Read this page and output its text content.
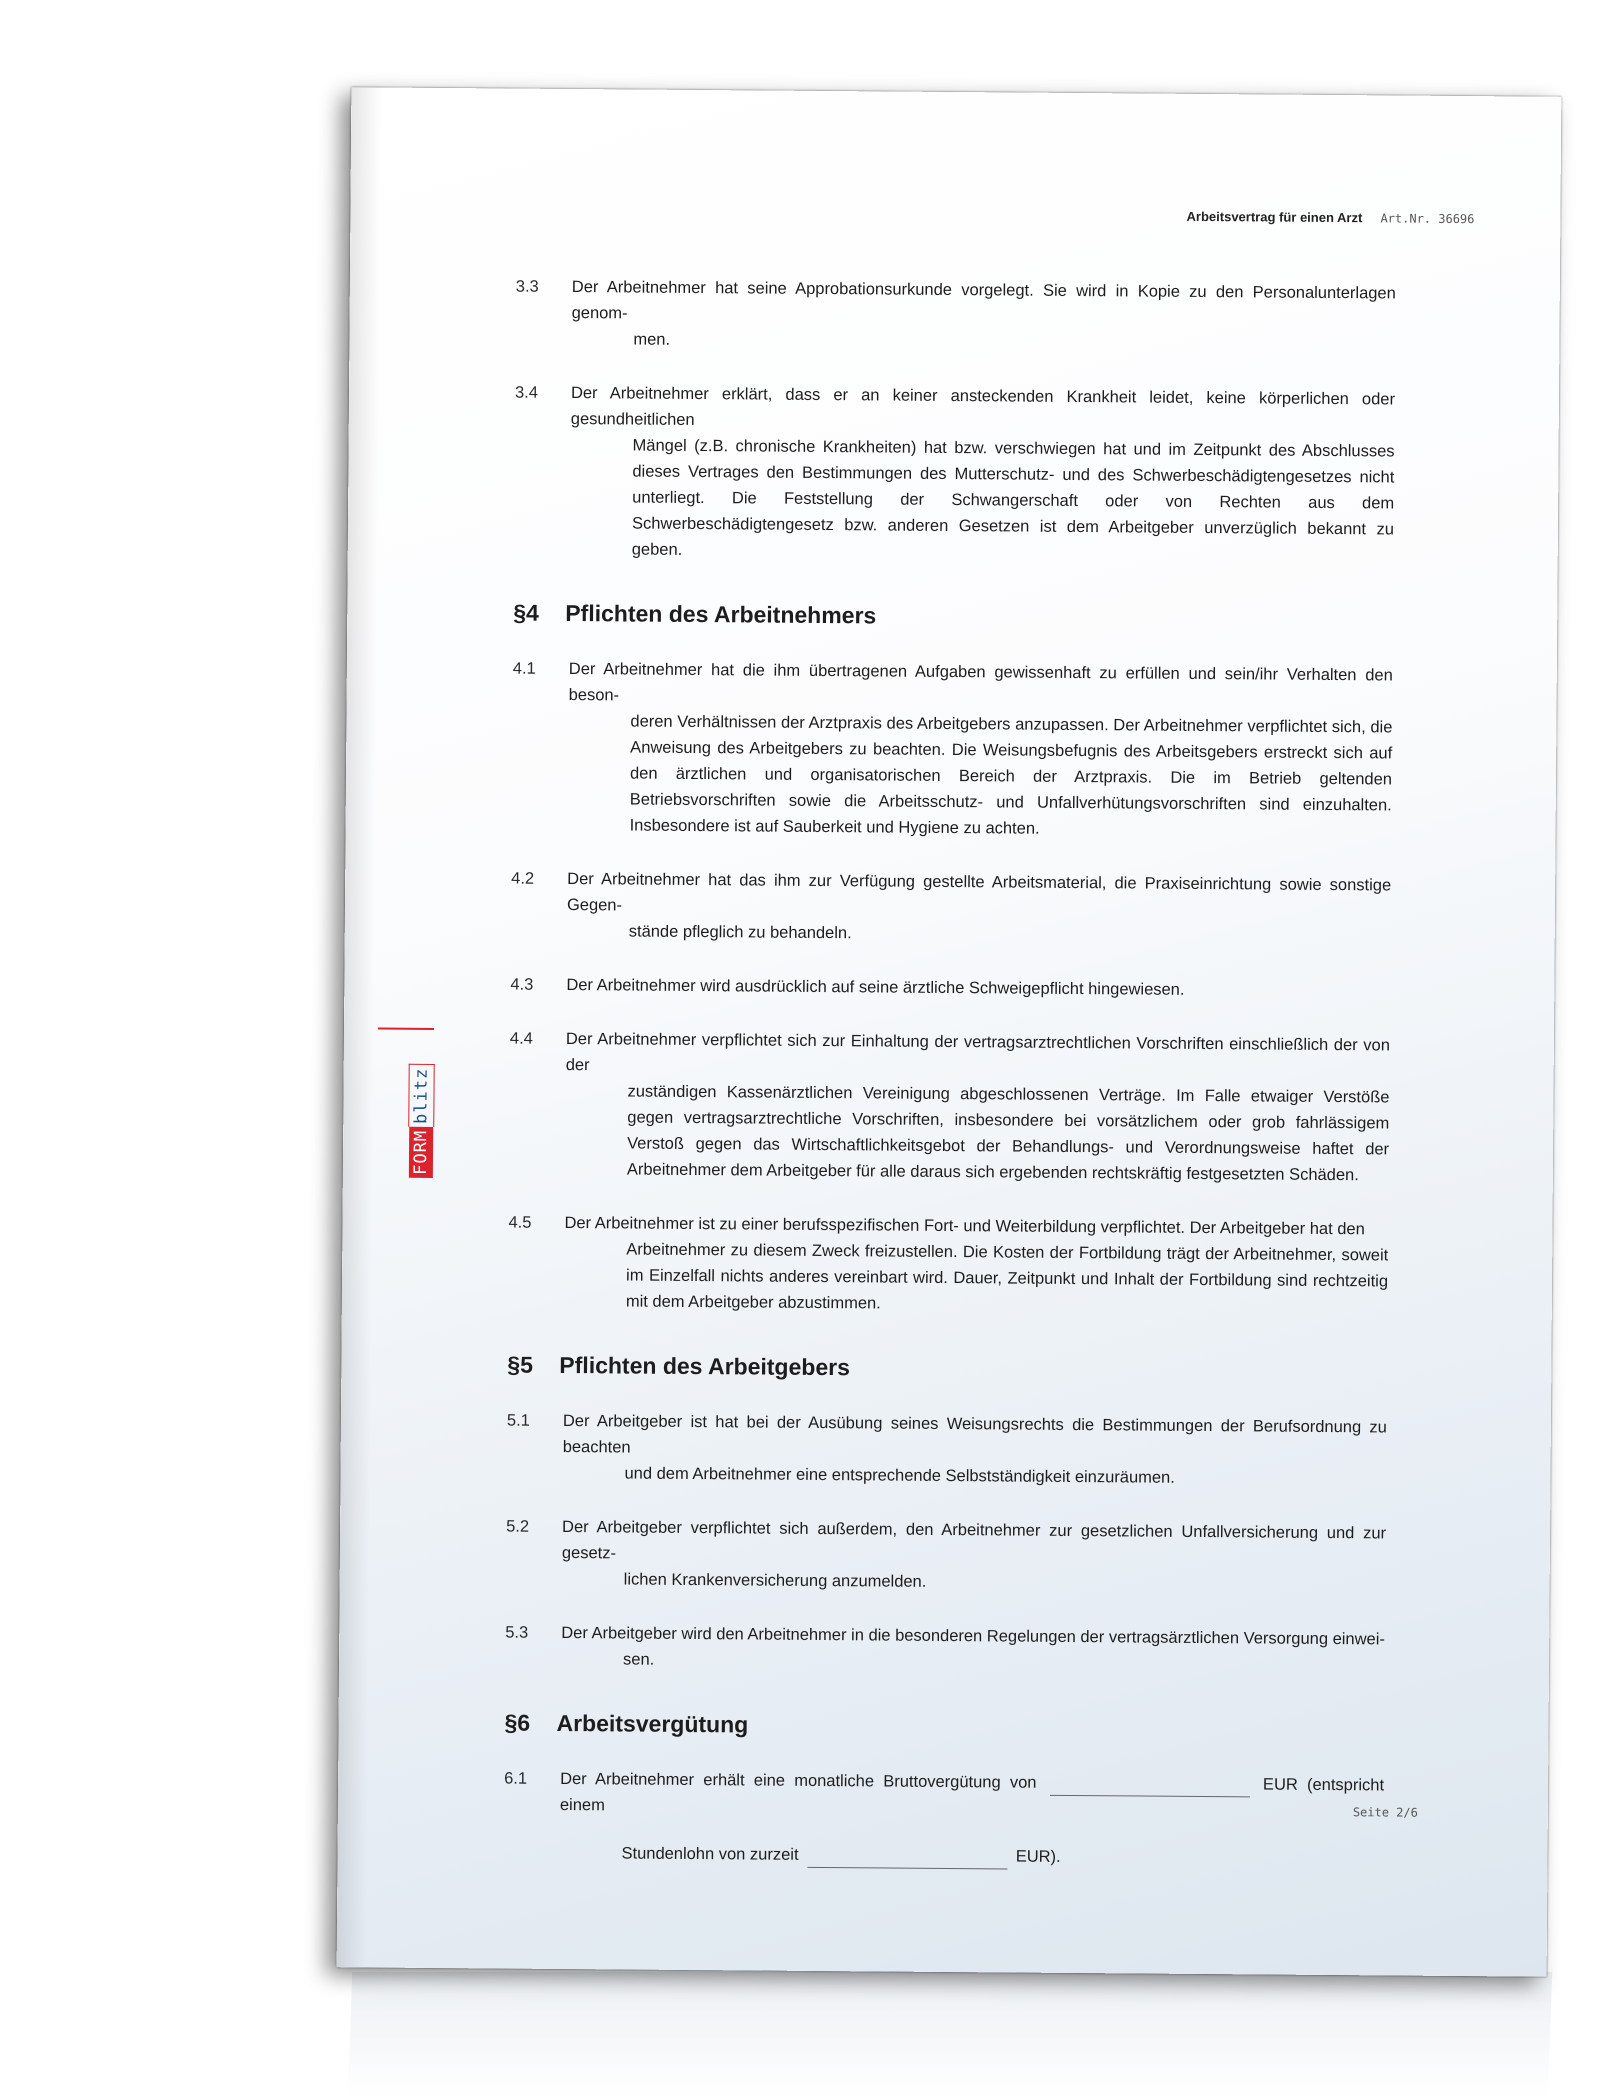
Arbeitsvertrag für einen Arzt Art.Nr. 36696
FORM
blitz
3.3	Der Arbeitnehmer hat seine Approbationsurkunde vorgelegt. Sie wird in Kopie zu den Personalunterlagen genom-
men.
3.4	Der Arbeitnehmer erklärt, dass er an keiner ansteckenden Krankheit leidet, keine körperlichen oder gesundheitlichen
Mängel (z.B. chronische Krankheiten) hat bzw. verschwiegen hat und im Zeitpunkt des Abschlusses dieses Vertrages den Bestimmungen des Mutterschutz- und des Schwerbeschädigtengesetzes nicht unterliegt. Die Feststellung der Schwangerschaft oder von Rechten aus dem Schwerbeschädigtengesetz bzw. anderen Gesetzen ist dem Arbeitgeber unverzüglich bekannt zu geben.
§4 Pflichten des Arbeitnehmers
4.1	Der Arbeitnehmer hat die ihm übertragenen Aufgaben gewissenhaft zu erfüllen und sein/ihr Verhalten den beson-
deren Verhältnissen der Arztpraxis des Arbeitgebers anzupassen. Der Arbeitnehmer verpflichtet sich, die Anweisung des Arbeitgebers zu beachten. Die Weisungsbefugnis des Arbeitsgebers erstreckt sich auf den ärztlichen und organisatorischen Bereich der Arztpraxis. Die im Betrieb geltenden Betriebsvorschriften sowie die Arbeitsschutz- und Unfallverhütungsvorschriften sind einzuhalten. Insbesondere ist auf Sauberkeit und Hygiene zu achten.
4.2	Der Arbeitnehmer hat das ihm zur Verfügung gestellte Arbeitsmaterial, die Praxiseinrichtung sowie sonstige Gegen-
stände pfleglich zu behandeln.
4.3	Der Arbeitnehmer wird ausdrücklich auf seine ärztliche Schweigepflicht hingewiesen.
4.4	Der Arbeitnehmer verpflichtet sich zur Einhaltung der vertragsarztrechtlichen Vorschriften einschließlich der von der
zuständigen Kassenärztlichen Vereinigung abgeschlossenen Verträge. Im Falle etwaiger Verstöße gegen vertragsarztrechtliche Vorschriften, insbesondere bei vorsätzlichem oder grob fahrlässigem Verstoß gegen das Wirtschaftlichkeitsgebot der Behandlungs- und Verordnungsweise haftet der Arbeitnehmer dem Arbeitgeber für alle daraus sich ergebenden rechtskräftig festgesetzten Schäden.
4.5	Der Arbeitnehmer ist zu einer berufsspezifischen Fort- und Weiterbildung verpflichtet. Der Arbeitgeber hat den
Arbeitnehmer zu diesem Zweck freizustellen. Die Kosten der Fortbildung trägt der Arbeitnehmer, soweit im Einzelfall nichts anderes vereinbart wird. Dauer, Zeitpunkt und Inhalt der Fortbildung sind rechtzeitig mit dem Arbeitgeber abzustimmen.
§5 Pflichten des Arbeitgebers
5.1	Der Arbeitgeber ist hat bei der Ausübung seines Weisungsrechts die Bestimmungen der Berufsordnung zu beachten
und dem Arbeitnehmer eine entsprechende Selbstständigkeit einzuräumen.
5.2	Der Arbeitgeber verpflichtet sich außerdem, den Arbeitnehmer zur gesetzlichen Unfallversicherung und zur gesetz-
lichen Krankenversicherung anzumelden.
5.3	Der Arbeitgeber wird den Arbeitnehmer in die besonderen Regelungen der vertragsärztlichen Versorgung einwei-
sen.
§6 Arbeitsvergütung
6.1	Der Arbeitnehmer erhält eine monatliche Bruttovergütung von	EUR (entspricht einem
Stundenlohn von zurzeit	EUR).
Seite 2/6
